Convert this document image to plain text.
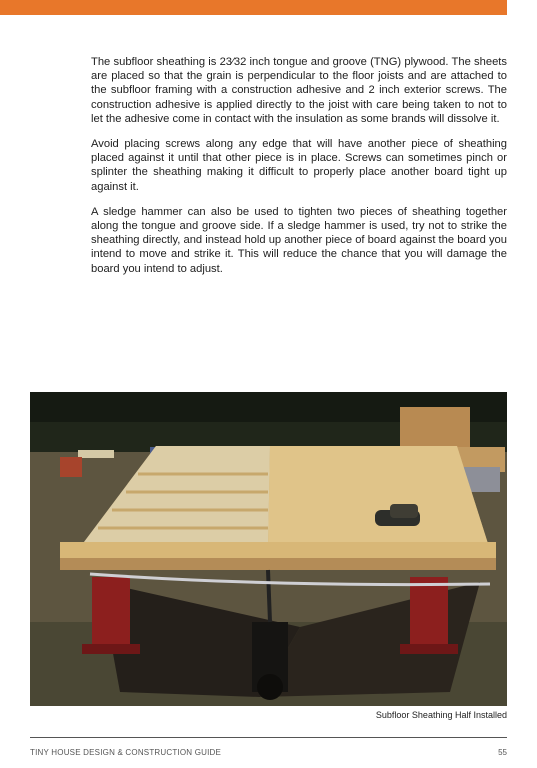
The subfloor sheathing is 23⁄32 inch tongue and groove (TNG) plywood. The sheets are placed so that the grain is perpendicular to the floor joists and are attached to the subfloor framing with a construction adhesive and 2 inch exterior screws. The construction adhesive is applied directly to the joist with care being taken to not to let the adhesive come in contact with the insulation as some brands will dissolve it.

Avoid placing screws along any edge that will have another piece of sheathing placed against it until that other piece is in place. Screws can sometimes pinch or splinter the sheathing making it difficult to properly place another board tight up against it.

A sledge hammer can also be used to tighten two pieces of sheathing together along the tongue and groove side. If a sledge hammer is used, try not to strike the sheathing directly, and instead hold up another piece of board against the board you intend to move and strike it. This will reduce the chance that you will damage the board you intend to adjust.

Subfloor Sheathing Half Installed
TINY HOUSE DESIGN & CONSTRUCTION GUIDE	55
